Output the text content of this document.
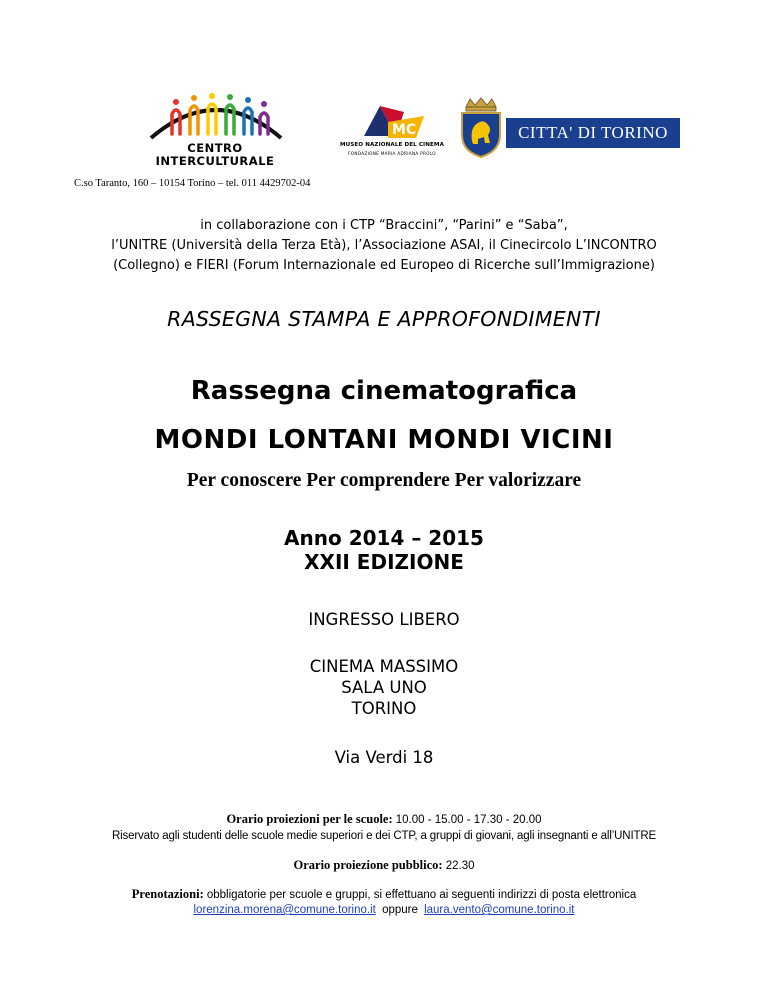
CENTRO
INTERCULTURALE
MC
MUSEO NAZIONALE DEL CINEMA
FONDAZIONE MARIA ADRIANA PROLO
CITTA' DI TORINO
C.so Taranto, 160 – 10154 Torino – tel. 011 4429702-04
in collaborazione con i CTP “Braccini”, “Parini” e “Saba”,
l’UNITRE (Università della Terza Età), l’Associazione ASAI, il Cinecircolo L’INCONTRO
(Collegno) e FIERI (Forum Internazionale ed Europeo di Ricerche sull’Immigrazione)
RASSEGNA STAMPA E APPROFONDIMENTI
Rassegna cinematografica
MONDI LONTANI MONDI VICINI
Per conoscere Per comprendere Per valorizzare
Anno 2014 – 2015
XXII EDIZIONE
INGRESSO LIBERO
CINEMA MASSIMO
SALA UNO
TORINO
Via Verdi 18
Orario proiezioni per le scuole: 10.00 - 15.00 - 17.30 - 20.00
Riservato agli studenti delle scuole medie superiori e dei CTP, a gruppi di giovani, agli insegnanti e all’UNITRE
Orario proiezione pubblico: 22.30
Prenotazioni: obbligatorie per scuole e gruppi, si effettuano ai seguenti indirizzi di posta elettronica
lorenzina.morena@comune.torino.it oppure laura.vento@comune.torino.it
